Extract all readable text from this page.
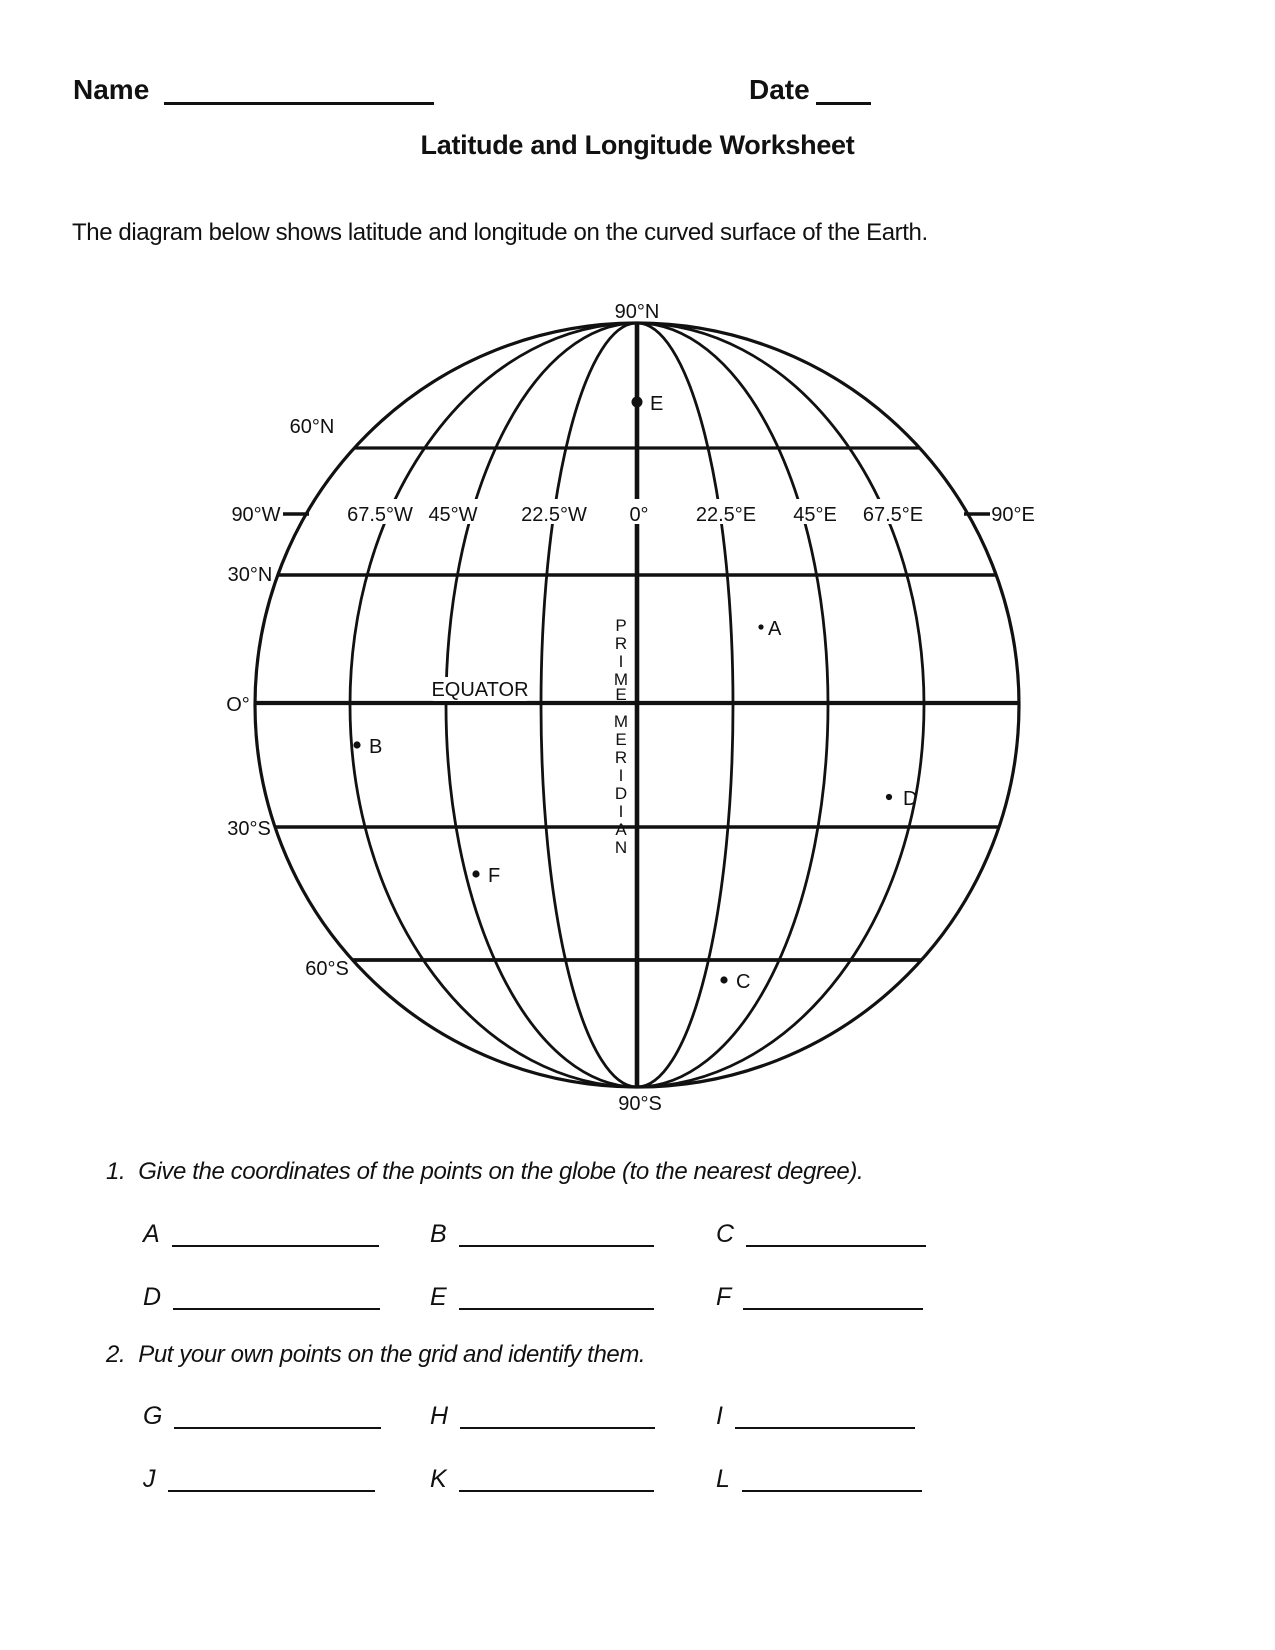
Name	Date
Latitude and Longitude Worksheet
The diagram below shows latitude and longitude on the curved surface of the Earth.
90°N
90°S
60°N
30°N
O°
30°S
60°S
90°W	67.5°W 45°W 22.5°W 0° 22.5°E 45°E 67.5°E	90°E
EQUATOR
P
R
I
M
E
M
E
R
I
D
I
A
N
E
A
B
D
F
C
1. Give the coordinates of the points on the globe (to the nearest degree).
A	B	C
D	E	F
2. Put your own points on the grid and identify them.
G	H	I
J	K	L
